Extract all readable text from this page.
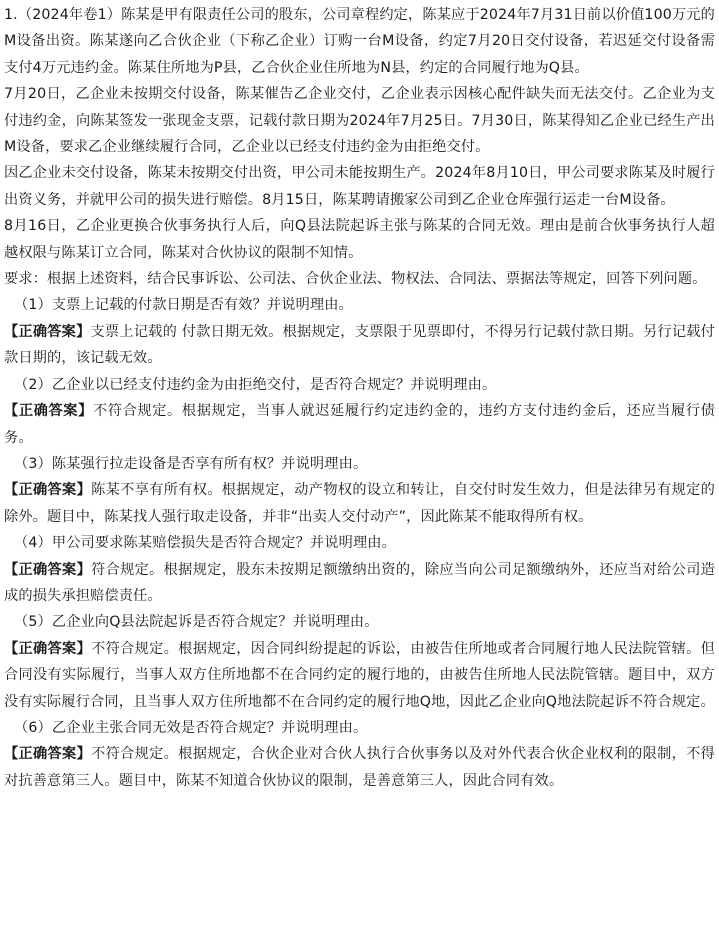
1.（2024年卷1）陈某是甲有限责任公司的股东，公司章程约定，陈某应于2024年7月31日前以价值100万元的M设备出资。陈某遂向乙合伙企业（下称乙企业）订购一台M设备，约定7月20日交付设备，若迟延交付设备需支付4万元违约金。陈某住所地为P县，乙合伙企业住所地为N县，约定的合同履行地为Q县。

7月20日，乙企业未按期交付设备，陈某催告乙企业交付，乙企业表示因核心配件缺失而无法交付。乙企业为支付违约金，向陈某签发一张现金支票，记载付款日期为2024年7月25日。7月30日，陈某得知乙企业已经生产出M设备，要求乙企业继续履行合同，乙企业以已经支付违约金为由拒绝交付。

因乙企业未交付设备，陈某未按期交付出资，甲公司未能按期生产。2024年8月10日，甲公司要求陈某及时履行出资义务，并就甲公司的损失进行赔偿。8月15日，陈某聘请搬家公司到乙企业仓库强行运走一台M设备。

8月16日，乙企业更换合伙事务执行人后，向Q县法院起诉主张与陈某的合同无效。理由是前合伙事务执行人超越权限与陈某订立合同，陈某对合伙协议的限制不知情。

要求：根据上述资料，结合民事诉讼、公司法、合伙企业法、物权法、合同法、票据法等规定，回答下列问题。

（1）支票上记载的付款日期是否有效？并说明理由。

【正确答案】支票上记载的 付款日期无效。根据规定，支票限于见票即付，不得另行记载付款日期。另行记载付款日期的，该记载无效。

（2）乙企业以已经支付违约金为由拒绝交付，是否符合规定？并说明理由。

【正确答案】不符合规定。根据规定，当事人就迟延履行约定违约金的，违约方支付违约金后，还应当履行债务。

（3）陈某强行拉走设备是否享有所有权？并说明理由。

【正确答案】陈某不享有所有权。根据规定，动产物权的设立和转让，自交付时发生效力，但是法律另有规定的除外。题目中，陈某找人强行取走设备，并非“出卖人交付动产”，因此陈某不能取得所有权。

（4）甲公司要求陈某赔偿损失是否符合规定？并说明理由。

【正确答案】符合规定。根据规定，股东未按期足额缴纳出资的，除应当向公司足额缴纳外，还应当对给公司造成的损失承担赔偿责任。

（5）乙企业向Q县法院起诉是否符合规定？并说明理由。

【正确答案】不符合规定。根据规定，因合同纠纷提起的诉讼，由被告住所地或者合同履行地人民法院管辖。但合同没有实际履行，当事人双方住所地都不在合同约定的履行地的，由被告住所地人民法院管辖。题目中，双方没有实际履行合同，且当事人双方住所地都不在合同约定的履行地Q地，因此乙企业向Q地法院起诉不符合规定。

（6）乙企业主张合同无效是否符合规定？并说明理由。

【正确答案】不符合规定。根据规定，合伙企业对合伙人执行合伙事务以及对外代表合伙企业权利的限制，不得对抗善意第三人。题目中，陈某不知道合伙协议的限制，是善意第三人，因此合同有效。
